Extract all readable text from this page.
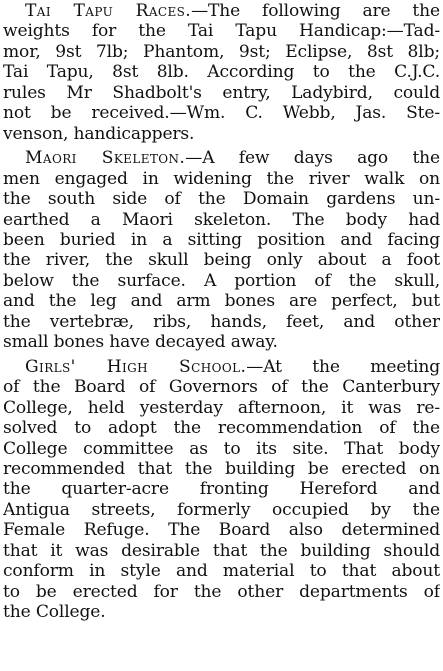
Tai Tapu Races.—The following are the
weights for the Tai Tapu Handicap:—Tad-
mor, 9st 7lb; Phantom, 9st; Eclipse, 8st 8lb;
Tai Tapu, 8st 8lb. According to the C.J.C.
rules Mr Shadbolt's entry, Ladybird, could
not be received.—Wm. C. Webb, Jas. Ste-
venson, handicappers.
Maori Skeleton.—A few days ago the
men engaged in widening the river walk on
the south side of the Domain gardens un-
earthed a Maori skeleton. The body had
been buried in a sitting position and facing
the river, the skull being only about a foot
below the surface. A portion of the skull,
and the leg and arm bones are perfect, but
the vertebræ, ribs, hands, feet, and other
small bones have decayed away.
Girls' High School.—At the meeting
of the Board of Governors of the Canterbury
College, held yesterday afternoon, it was re-
solved to adopt the recommendation of the
College committee as to its site. That body
recommended that the building be erected on
the quarter-acre fronting Hereford and
Antigua streets, formerly occupied by the
Female Refuge. The Board also determined
that it was desirable that the building should
conform in style and material to that about
to be erected for the other departments of
the College.
